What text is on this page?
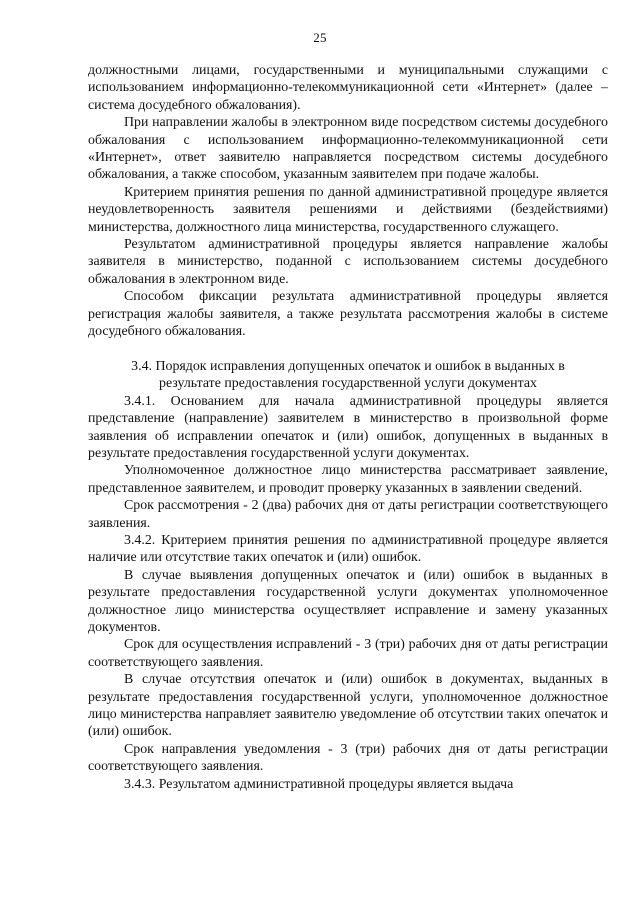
25

должностными лицами, государственными и муниципальными служащими с использованием информационно-телекоммуникационной сети «Интернет» (далее – система досудебного обжалования).

При направлении жалобы в электронном виде посредством системы досудебного обжалования с использованием информационно-телекоммуникационной сети «Интернет», ответ заявителю направляется посредством системы досудебного обжалования, а также способом, указанным заявителем при подаче жалобы.

Критерием принятия решения по данной административной процедуре является неудовлетворенность заявителя решениями и действиями (бездействиями) министерства, должностного лица министерства, государственного служащего.

Результатом административной процедуры является направление жалобы заявителя в министерство, поданной с использованием системы досудебного обжалования в электронном виде.

Способом фиксации результата административной процедуры является регистрация жалобы заявителя, а также результата рассмотрения жалобы в системе досудебного обжалования.

3.4. Порядок исправления допущенных опечаток и ошибок в выданных в
результате предоставления государственной услуги документах

3.4.1. Основанием для начала административной процедуры является представление (направление) заявителем в министерство в произвольной форме заявления об исправлении опечаток и (или) ошибок, допущенных в выданных в результате предоставления государственной услуги документах.

Уполномоченное должностное лицо министерства рассматривает заявление, представленное заявителем, и проводит проверку указанных в заявлении сведений.

Срок рассмотрения - 2 (два) рабочих дня от даты регистрации соответствующего заявления.

3.4.2. Критерием принятия решения по административной процедуре является наличие или отсутствие таких опечаток и (или) ошибок.

В случае выявления допущенных опечаток и (или) ошибок в выданных в результате предоставления государственной услуги документах уполномоченное должностное лицо министерства осуществляет исправление и замену указанных документов.

Срок для осуществления исправлений - 3 (три) рабочих дня от даты регистрации соответствующего заявления.

В случае отсутствия опечаток и (или) ошибок в документах, выданных в результате предоставления государственной услуги, уполномоченное должностное лицо министерства направляет заявителю уведомление об отсутствии таких опечаток и (или) ошибок.

Срок направления уведомления - 3 (три) рабочих дня от даты регистрации соответствующего заявления.

3.4.3. Результатом административной процедуры является выдача
